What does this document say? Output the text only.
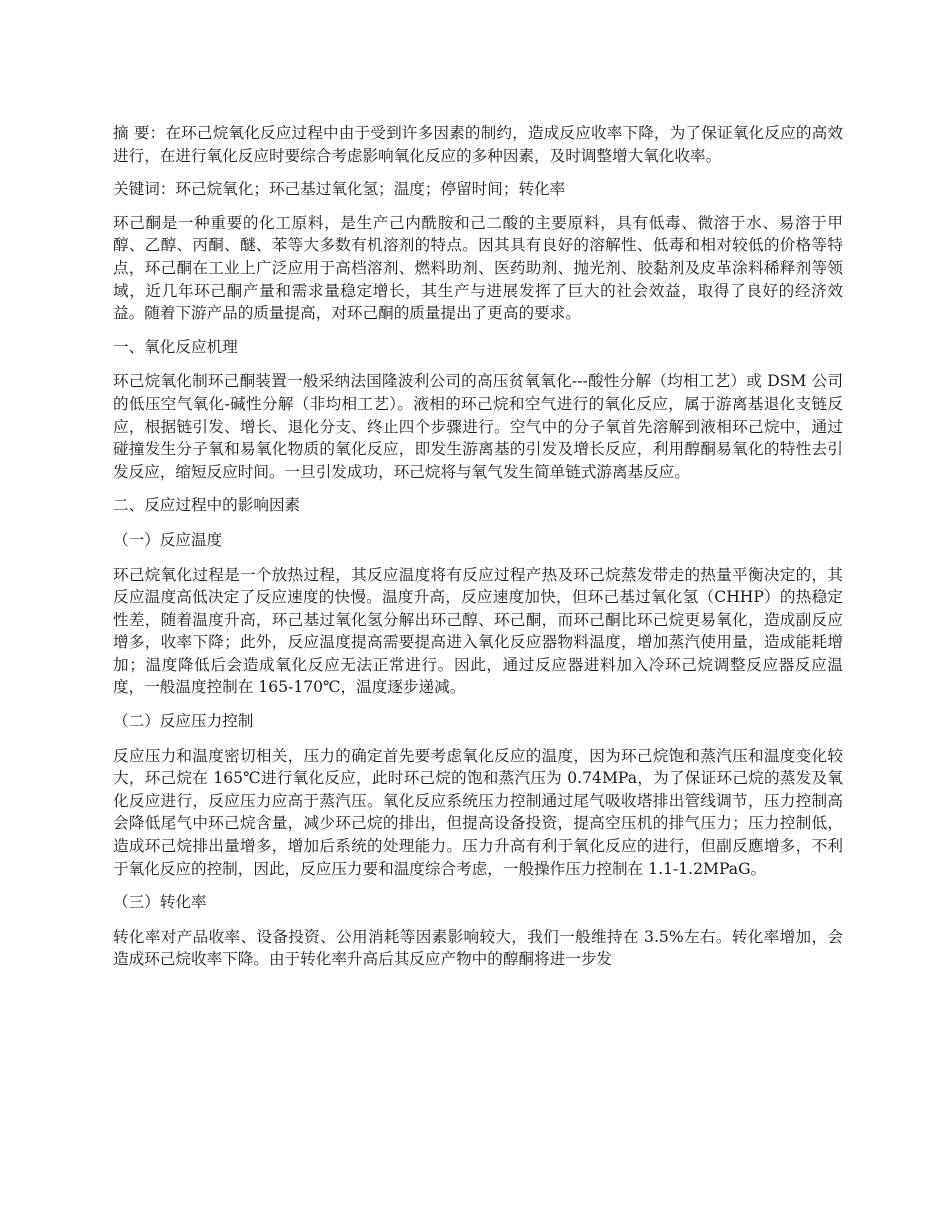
摘 要：在环己烷氧化反应过程中由于受到许多因素的制约，造成反应收率下降，为了保证氧化反应的高效进行，在进行氧化反应时要综合考虑影响氧化反应的多种因素，及时调整增大氧化收率。

关键词：环己烷氧化；环己基过氧化氢；温度；停留时间；转化率

环己酮是一种重要的化工原料，是生产己内酰胺和己二酸的主要原料，具有低毒、微溶于水、易溶于甲醇、乙醇、丙酮、醚、苯等大多数有机溶剂的特点。因其具有良好的溶解性、低毒和相对较低的价格等特点，环己酮在工业上广泛应用于高档溶剂、燃料助剂、医药助剂、抛光剂、胶黏剂及皮革涂料稀释剂等领域，近几年环己酮产量和需求量稳定增长，其生产与进展发挥了巨大的社会效益，取得了良好的经济效益。随着下游产品的质量提高，对环己酮的质量提出了更高的要求。

一、氧化反应机理

环己烷氧化制环己酮装置一般采纳法国隆波利公司的高压贫氧氧化---酸性分解（均相工艺）或 DSM 公司的低压空气氧化-碱性分解（非均相工艺）。液相的环己烷和空气进行的氧化反应，属于游离基退化支链反应，根据链引发、增长、退化分支、终止四个步骤进行。空气中的分子氧首先溶解到液相环己烷中，通过碰撞发生分子氧和易氧化物质的氧化反应，即发生游离基的引发及增长反应，利用醇酮易氧化的特性去引发反应，缩短反应时间。一旦引发成功，环己烷将与氧气发生简单链式游离基反应。

二、反应过程中的影响因素

（一）反应温度

环己烷氧化过程是一个放热过程，其反应温度将有反应过程产热及环己烷蒸发带走的热量平衡决定的，其反应温度高低决定了反应速度的快慢。温度升高，反应速度加快，但环己基过氧化氢（CHHP）的热稳定性差，随着温度升高，环己基过氧化氢分解出环己醇、环己酮，而环己酮比环己烷更易氧化，造成副反应增多，收率下降；此外，反应温度提高需要提高进入氧化反应器物料温度，增加蒸汽使用量，造成能耗增加；温度降低后会造成氧化反应无法正常进行。因此，通过反应器进料加入冷环己烷调整反应器反应温度，一般温度控制在 165-170℃，温度逐步递减。

（二）反应压力控制

反应压力和温度密切相关，压力的确定首先要考虑氧化反应的温度，因为环己烷饱和蒸汽压和温度变化较大，环己烷在 165℃进行氧化反应，此时环己烷的饱和蒸汽压为 0.74MPa，为了保证环己烷的蒸发及氧化反应进行，反应压力应高于蒸汽压。氧化反应系统压力控制通过尾气吸收塔排出管线调节，压力控制高会降低尾气中环己烷含量，减少环己烷的排出，但提高设备投资，提高空压机的排气压力；压力控制低，造成环己烷排出量增多，增加后系统的处理能力。压力升高有利于氧化反应的进行，但副反應增多，不利于氧化反应的控制，因此，反应压力要和温度综合考虑，一般操作压力控制在 1.1-1.2MPaG。

（三）转化率

转化率对产品收率、设备投资、公用消耗等因素影响较大，我们一般维持在 3.5%左右。转化率增加，会造成环己烷收率下降。由于转化率升高后其反应产物中的醇酮将进一步发
